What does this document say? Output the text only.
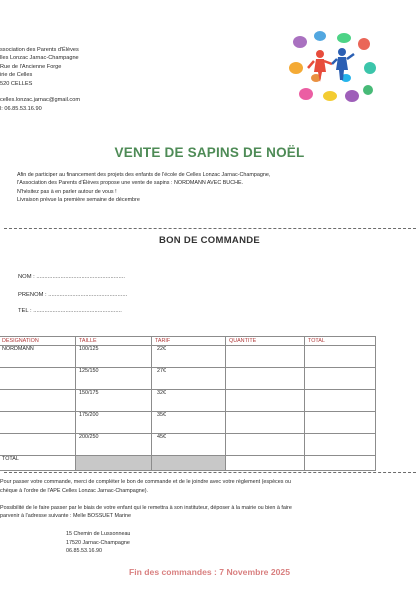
ssociation des Parents d'Élèves
lles Lonzac Jarnac-Champagne
Rue de l'Ancienne Forge
irie de Celles
520 CELLES

celles.lonzac.jarnac@gmail.com
l: 06.85.53.16.90
VENTE DE SAPINS DE NOËL
Afin de participer au financement des projets des enfants de l'école de Celles Lonzac Jarnac-Champagne,
l'Association des Parents d'Élèves propose une vente de sapins : NORDMANN AVEC BUCHE.
N'hésitez pas à en parler autour de vous !
Livraison prévue la première semaine de décembre
BON DE COMMANDE
NOM : .......................................................
PRENOM : .................................................
TEL : .......................................................
DESIGNATION	TAILLE	TARIF	QUANTITE	TOTAL
NORDMANN	100/125	22€		
	125/150	27€		
	150/175	32€		
	175/200	35€		
	200/250	45€		
TOTAL				
Pour passer votre commande, merci de compléter le bon de commande et de le joindre avec votre règlement (espèces ou
chèque à l'ordre de l'APE Celles Lonzac Jarnac-Champagne).

Possibilité de le faire passer par le biais de votre enfant qui le remettra à son instituteur, déposer à la mairie ou bien à faire
parvenir à l'adresse suivante : Melle BOSSUET Marine
15 Chemin de Lussonneau
17520 Jarnac-Champagne
06.85.53.16.90
Fin des commandes : 7 Novembre 2025
